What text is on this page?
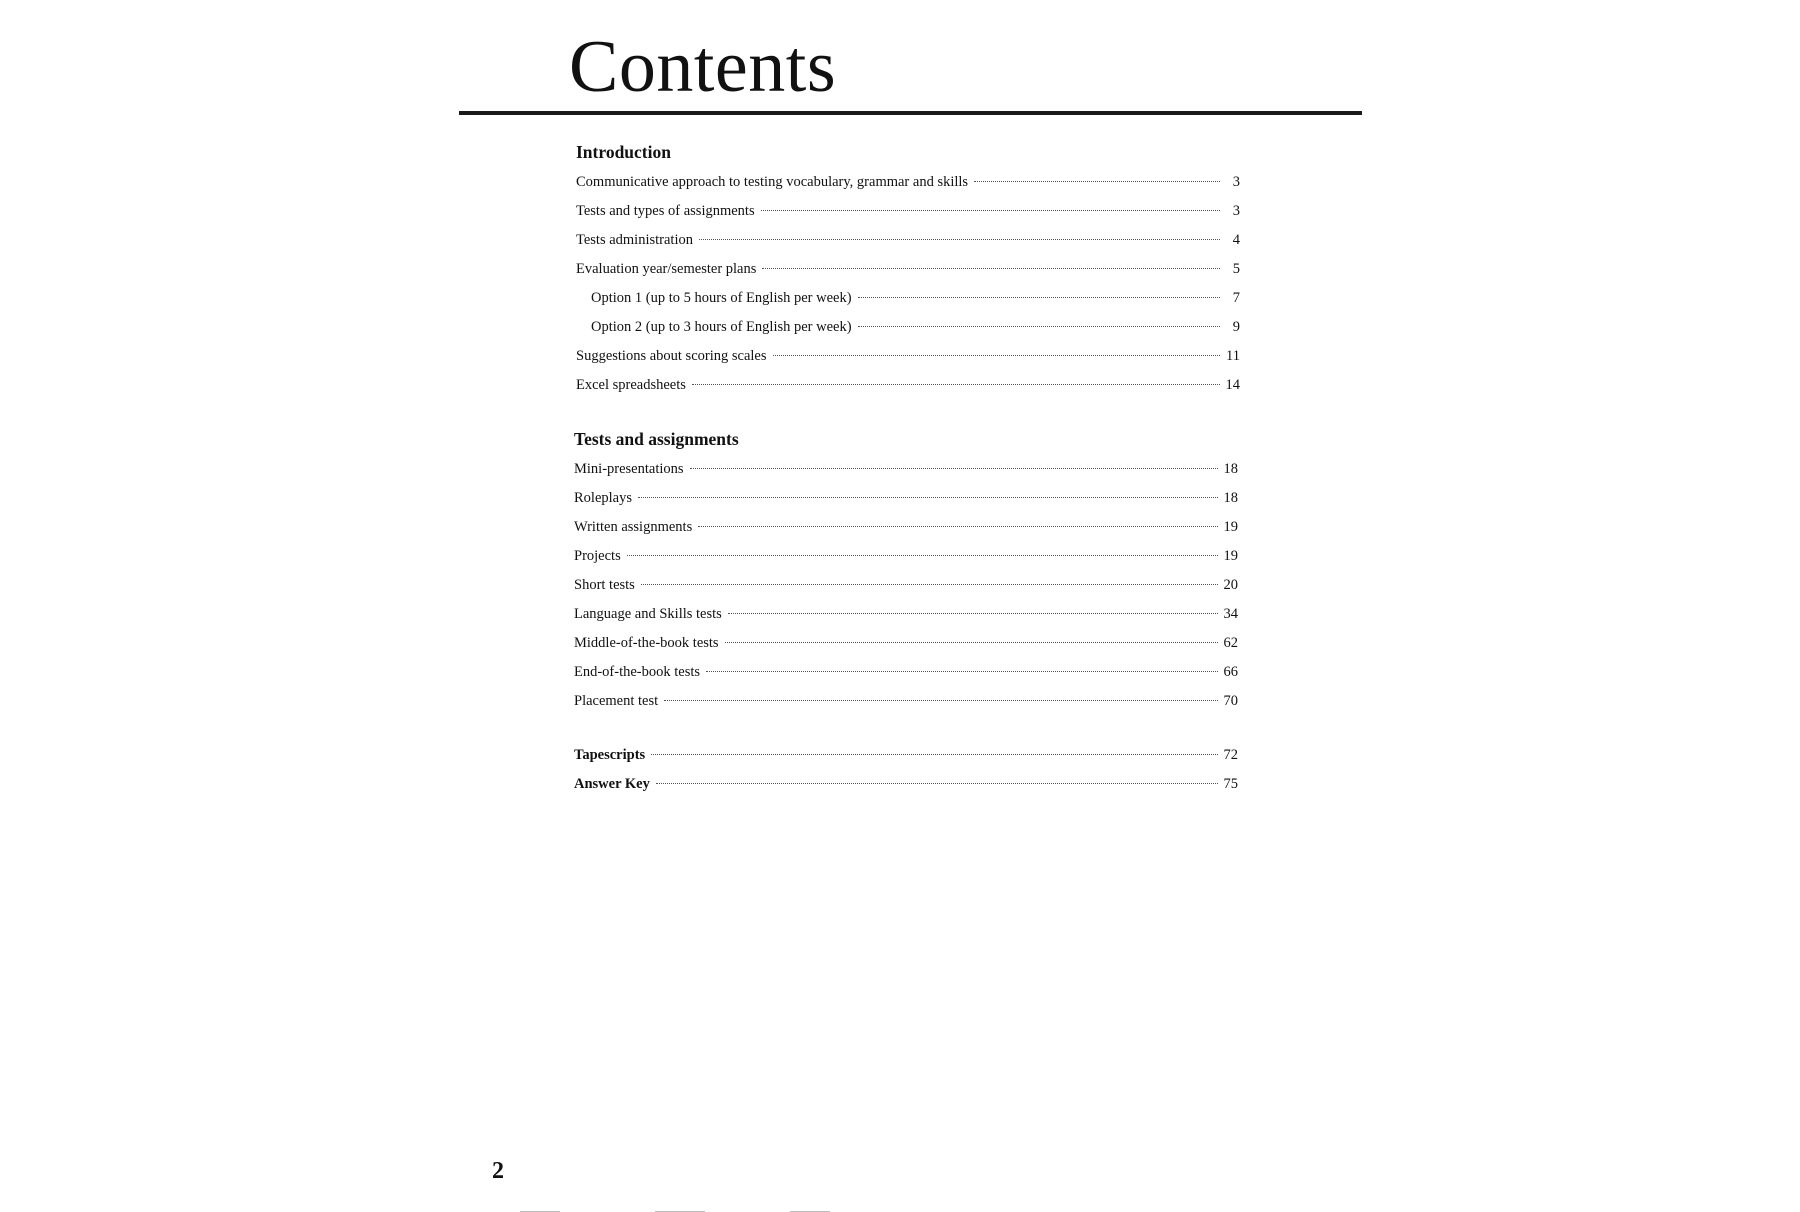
Contents
Introduction
Communicative approach to testing vocabulary, grammar and skills	3
Tests and types of assignments	3
Tests administration	4
Evaluation year/semester plans	5
Option 1 (up to 5 hours of English per week)	7
Option 2 (up to 3 hours of English per week)	9
Suggestions about scoring scales	11
Excel spreadsheets	14
Tests and assignments
Mini-presentations	18
Roleplays	18
Written assignments	19
Projects	19
Short tests	20
Language and Skills tests	34
Middle-of-the-book tests	62
End-of-the-book tests	66
Placement test	70
Tapescripts	72
Answer Key	75
2
